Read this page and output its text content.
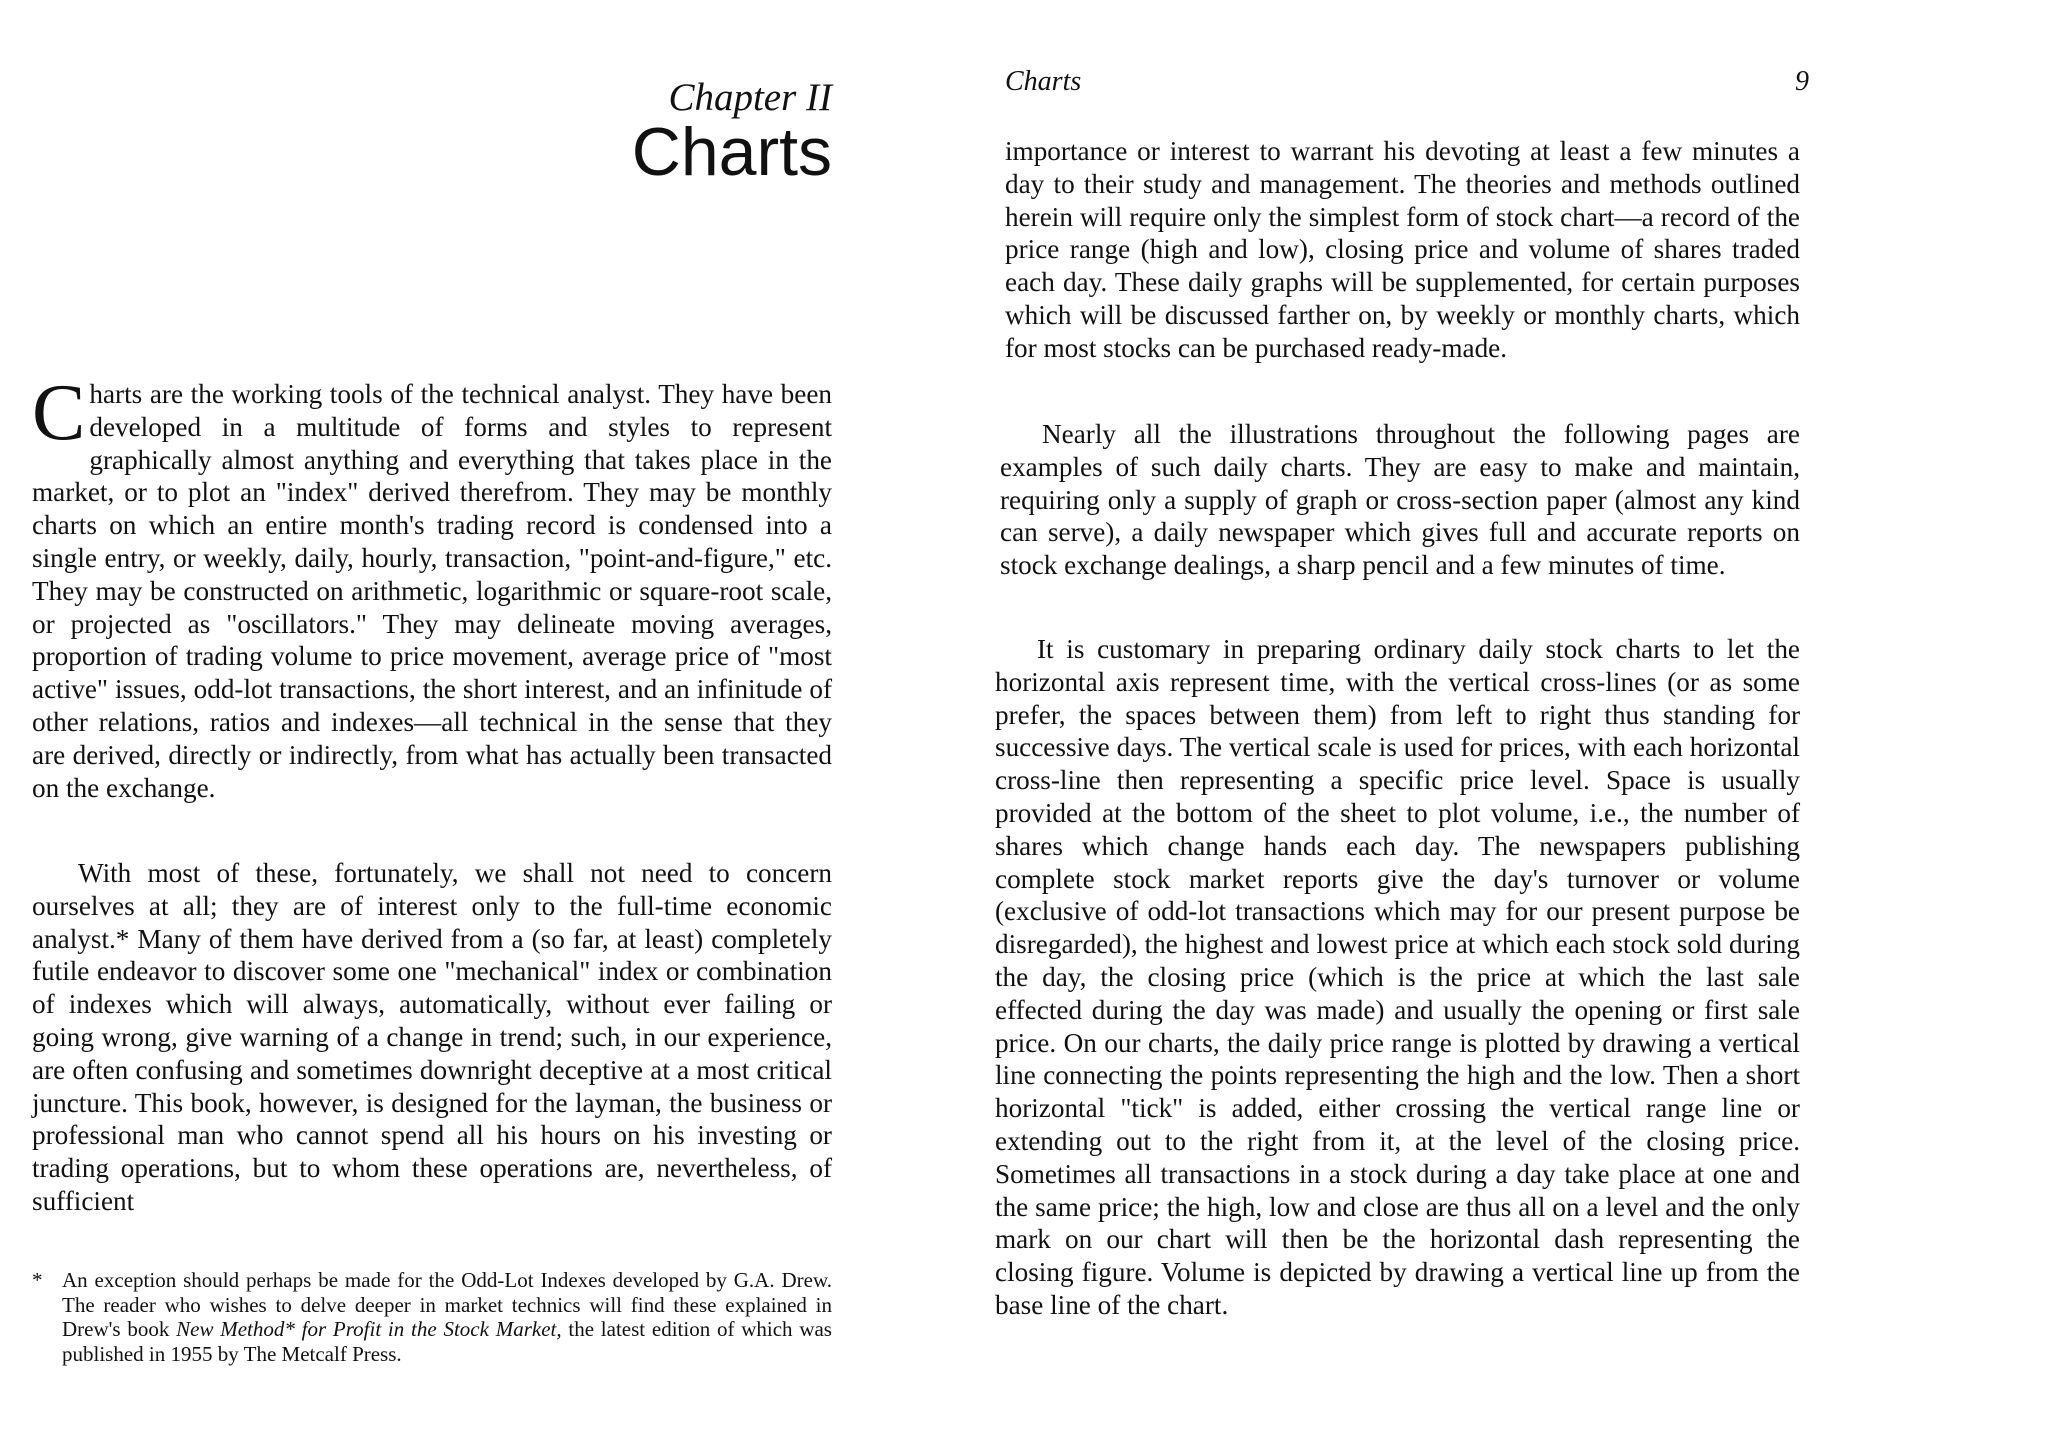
Chapter II
Charts

Charts are the working tools of the technical analyst. They have been developed in a multitude of forms and styles to represent graphically almost anything and everything that takes place in the market, or to plot an "index" derived therefrom. They may be monthly charts on which an entire month's trading record is condensed into a single entry, or weekly, daily, hourly, transaction, "point-and-figure," etc. They may be constructed on arithmetic, logarithmic or square-root scale, or projected as "oscillators." They may delineate moving averages, proportion of trading volume to price movement, average price of "most active" issues, odd-lot transactions, the short interest, and an infinitude of other relations, ratios and indexes—all technical in the sense that they are derived, directly or indirectly, from what has actually been transacted on the exchange.

With most of these, fortunately, we shall not need to concern ourselves at all; they are of interest only to the full-time economic analyst.* Many of them have derived from a (so far, at least) completely futile endeavor to discover some one "mechanical" index or combination of indexes which will always, automatically, without ever failing or going wrong, give warning of a change in trend; such, in our experience, are often confusing and sometimes downright deceptive at a most critical juncture. This book, however, is designed for the layman, the business or professional man who cannot spend all his hours on his investing or trading operations, but to whom these operations are, nevertheless, of sufficient

* An exception should perhaps be made for the Odd-Lot Indexes developed by G.A. Drew. The reader who wishes to delve deeper in market technics will find these explained in Drew's book New Method* for Profit in the Stock Market, the latest edition of which was published in 1955 by The Metcalf Press.
Charts	9

importance or interest to warrant his devoting at least a few minutes a day to their study and management. The theories and methods outlined herein will require only the simplest form of stock chart—a record of the price range (high and low), closing price and volume of shares traded each day. These daily graphs will be supplemented, for certain purposes which will be discussed farther on, by weekly or monthly charts, which for most stocks can be purchased ready-made.

Nearly all the illustrations throughout the following pages are examples of such daily charts. They are easy to make and maintain, requiring only a supply of graph or cross-section paper (almost any kind can serve), a daily newspaper which gives full and accurate reports on stock exchange dealings, a sharp pencil and a few minutes of time.

It is customary in preparing ordinary daily stock charts to let the horizontal axis represent time, with the vertical cross-lines (or as some prefer, the spaces between them) from left to right thus standing for successive days. The vertical scale is used for prices, with each horizontal cross-line then representing a specific price level. Space is usually provided at the bottom of the sheet to plot volume, i.e., the number of shares which change hands each day. The newspapers publishing complete stock market reports give the day's turnover or volume (exclusive of odd-lot transactions which may for our present purpose be disregarded), the highest and lowest price at which each stock sold during the day, the closing price (which is the price at which the last sale effected during the day was made) and usually the opening or first sale price. On our charts, the daily price range is plotted by drawing a vertical line connecting the points representing the high and the low. Then a short horizontal "tick" is added, either crossing the vertical range line or extending out to the right from it, at the level of the closing price. Sometimes all transactions in a stock during a day take place at one and the same price; the high, low and close are thus all on a level and the only mark on our chart will then be the horizontal dash representing the closing figure. Volume is depicted by drawing a vertical line up from the base line of the chart.
